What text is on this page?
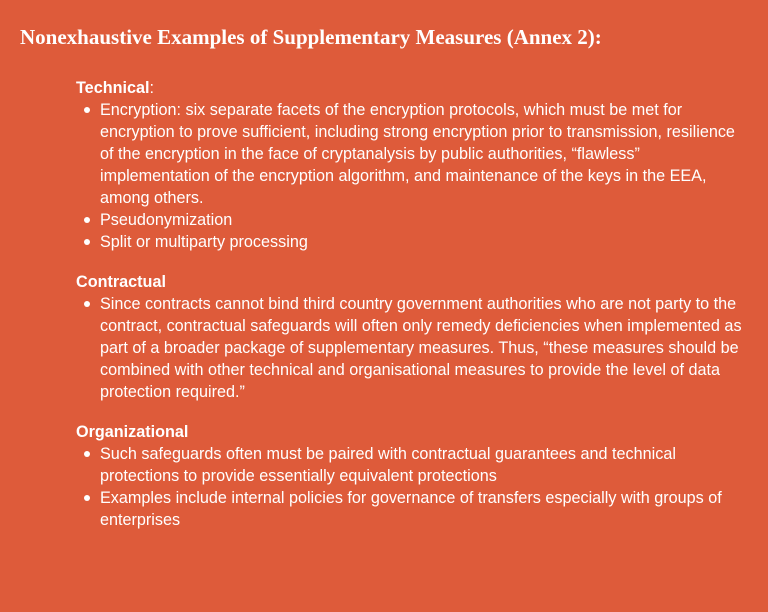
Nonexhaustive Examples of Supplementary Measures (Annex 2):
Technical:
Encryption: six separate facets of the encryption protocols, which must be met for encryption to prove sufficient, including strong encryption prior to transmission, resilience of the encryption in the face of cryptanalysis by public authorities, “flawless” implementation of the encryption algorithm, and maintenance of the keys in the EEA, among others.
Pseudonymization
Split or multiparty processing
Contractual
Since contracts cannot bind third country government authorities who are not party to the contract, contractual safeguards will often only remedy deficiencies when implemented as part of a broader package of supplementary measures. Thus, “these measures should be combined with other technical and organisational measures to provide the level of data protection required.”
Organizational
Such safeguards often must be paired with contractual guarantees and technical protections to provide essentially equivalent protections
Examples include internal policies for governance of transfers especially with groups of enterprises
